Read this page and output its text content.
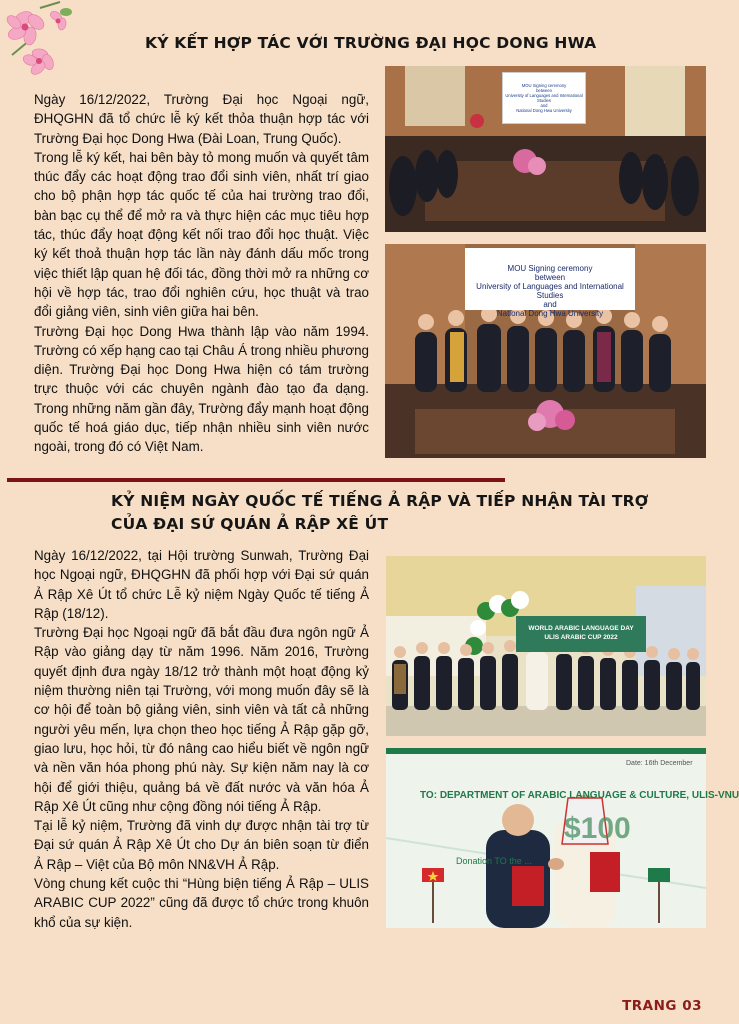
KÝ KẾT HỢP TÁC VỚI TRƯỜNG ĐẠI HỌC DONG HWA

Ngày 16/12/2022, Trường Đại học Ngoại ngữ, ĐHQGHN đã tổ chức lễ ký kết thỏa thuận hợp tác với Trường Đại học Dong Hwa (Đài Loan, Trung Quốc).

Trong lễ ký kết, hai bên bày tỏ mong muốn và quyết tâm thúc đẩy các hoạt động trao đổi sinh viên, nhất trí giao cho bộ phận hợp tác quốc tế của hai trường trao đổi, bàn bạc cụ thể để mở ra và thực hiện các mục tiêu hợp tác, thúc đẩy hoạt động kết nối trao đổi học thuật. Việc ký kết thoả thuận hợp tác lần này đánh dấu mốc trong việc thiết lập quan hệ đối tác, đồng thời mở ra những cơ hội về hợp tác, trao đổi nghiên cứu, học thuật và trao đổi giảng viên, sinh viên giữa hai bên.

Trường Đại học Dong Hwa thành lập vào năm 1994. Trường có xếp hạng cao tại Châu Á trong nhiều phương diện. Trường Đại học Dong Hwa hiện có tám trường trực thuộc với các chuyên ngành đào tạo đa dạng. Trong những năm gần đây, Trường đẩy mạnh hoạt động quốc tế hoá giáo dục, tiếp nhận nhiều sinh viên nước ngoài, trong đó có Việt Nam.

MOU Signing ceremony
between
University of Languages and International Studies
and
National Dong Hwa University
MOU Signing ceremony
between
University of Languages and International Studies
and
National Dong Hwa University
KỶ NIỆM NGÀY QUỐC TẾ TIẾNG Ả RẬP VÀ TIẾP NHẬN TÀI TRỢ
CỦA ĐẠI SỨ QUÁN Ả RẬP XÊ ÚT

Ngày 16/12/2022, tại Hội trường Sunwah, Trường Đại học Ngoại ngữ, ĐHQGHN đã phối hợp với Đại sứ quán Ả Rập Xê Út tổ chức Lễ kỷ niệm Ngày Quốc tế tiếng Ả Rập (18/12).

Trường Đại học Ngoại ngữ đã bắt đầu đưa ngôn ngữ Ả Rập vào giảng dạy từ năm 1996. Năm 2016, Trường quyết định đưa ngày 18/12 trở thành một hoạt động kỷ niệm thường niên tại Trường, với mong muốn đây sẽ là cơ hội để toàn bộ giảng viên, sinh viên và tất cả những người yêu mến, lựa chọn theo học tiếng Ả Rập gặp gỡ, giao lưu, học hỏi, từ đó nâng cao hiểu biết về ngôn ngữ và nền văn hóa phong phú này. Sự kiện năm nay là cơ hội để giới thiệu, quảng bá về đất nước và văn hóa Ả Rập Xê Út cũng như cộng đồng nói tiếng Ả Rập.

Tại lễ kỷ niệm, Trường đã vinh dự được nhận tài trợ từ Đại sứ quán Ả Rập Xê Út cho Dự án biên soạn từ điển Ả Rập – Việt của Bộ môn NN&VH Ả Rập.

Vòng chung kết cuộc thi “Hùng biện tiếng Ả Rập – ULIS ARABIC CUP 2022” cũng đã được tổ chức trong khuôn khổ của sự kiện.

WORLD ARABIC LANGUAGE DAY
ULIS ARABIC CUP 2022
Date: 16th December
TO: DEPARTMENT OF ARABIC LANGUAGE & CULTURE, ULIS-VNU
$100
Donation TO the ...
TRANG 03
